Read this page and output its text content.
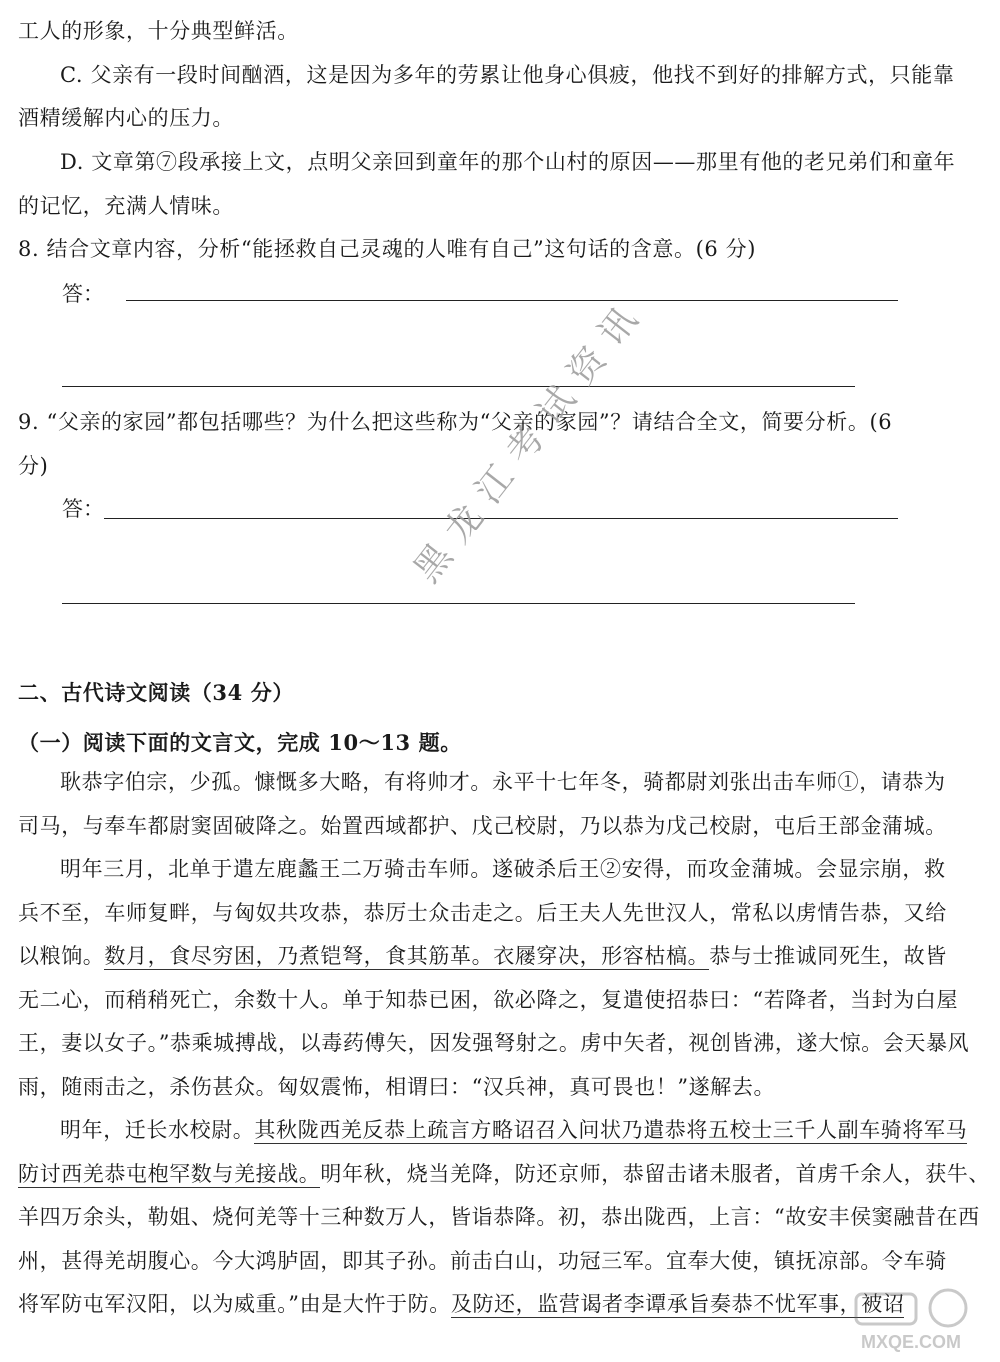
工人的形象，十分典型鲜活。
C. 父亲有一段时间酗酒，这是因为多年的劳累让他身心俱疲，他找不到好的排解方式，只能靠
酒精缓解内心的压力。
D. 文章第⑦段承接上文，点明父亲回到童年的那个山村的原因——那里有他的老兄弟们和童年
的记忆，充满人情味。
8. 结合文章内容，分析“能拯救自己灵魂的人唯有自己”这句话的含意。(6 分)
答：
9. “父亲的家园”都包括哪些？为什么把这些称为“父亲的家园”？请结合全文，简要分析。(6
分)
答：
二、古代诗文阅读（34 分）
（一）阅读下面的文言文，完成 10～13 题。
耿恭字伯宗，少孤。慷慨多大略，有将帅才。永平十七年冬，骑都尉刘张出击车师①，请恭为
司马，与奉车都尉窦固破降之。始置西域都护、戊己校尉，乃以恭为戊己校尉，屯后王部金蒲城。
明年三月，北单于遣左鹿蠡王二万骑击车师。遂破杀后王②安得，而攻金蒲城。会显宗崩，救
兵不至，车师复畔，与匈奴共攻恭，恭厉士众击走之。后王夫人先世汉人，常私以虏情告恭，又给
以粮饷。数月，食尽穷困，乃煮铠弩，食其筋革。衣屦穿决，形容枯槁。恭与士推诚同死生，故皆
无二心，而稍稍死亡，余数十人。单于知恭已困，欲必降之，复遣使招恭曰：“若降者，当封为白屋
王，妻以女子。”恭乘城搏战，以毒药傅矢，因发强弩射之。虏中矢者，视创皆沸，遂大惊。会天暴风
雨，随雨击之，杀伤甚众。匈奴震怖，相谓曰：“汉兵神，真可畏也！”遂解去。
明年，迁长水校尉。其秋陇西羌反恭上疏言方略诏召入问状乃遣恭将五校士三千人副车骑将军马
防讨西羌恭屯枹罕数与羌接战。明年秋，烧当羌降，防还京师，恭留击诸未服者，首虏千余人，获牛、
羊四万余头，勒姐、烧何羌等十三种数万人，皆诣恭降。初，恭出陇西，上言：“故安丰侯窦融昔在西
州，甚得羌胡腹心。今大鸿胪固，即其子孙。前击白山，功冠三军。宜奉大使，镇抚凉部。令车骑
将军防屯军汉阳，以为威重。”由是大忤于防。及防还，监营谒者李谭承旨奏恭不忧军事，被诏
黑龙江考试资讯
MXQE.COM
